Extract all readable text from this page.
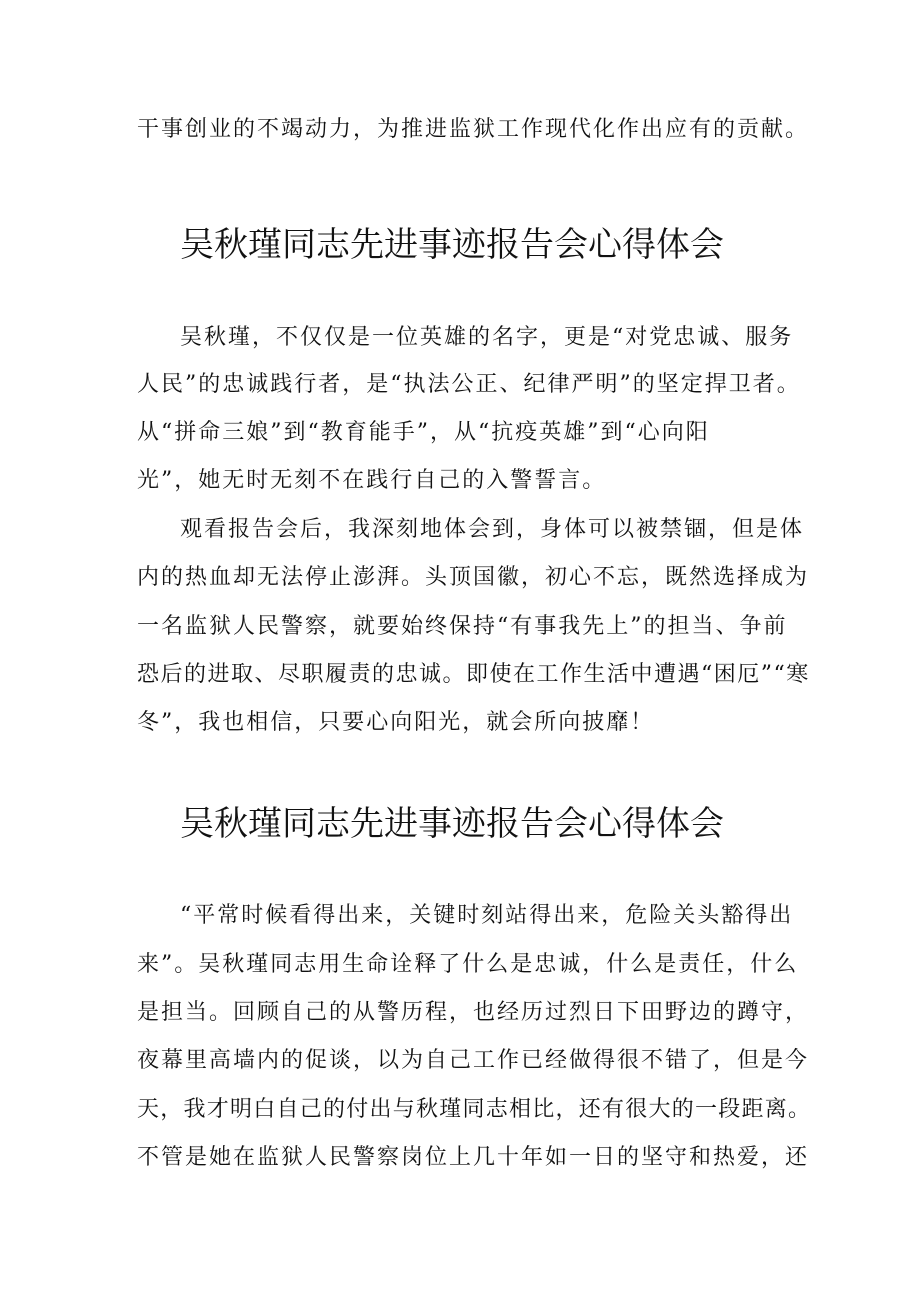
干事创业的不竭动力，为推进监狱工作现代化作出应有的贡献。

吴秋瑾同志先进事迹报告会心得体会

吴秋瑾，不仅仅是一位英雄的名字，更是“对党忠诚、服务

人民”的忠诚践行者，是“执法公正、纪律严明”的坚定捍卫者。

从“拼命三娘”到“教育能手”，从“抗疫英雄”到“心向阳

光”，她无时无刻不在践行自己的入警誓言。

观看报告会后，我深刻地体会到，身体可以被禁锢，但是体

内的热血却无法停止澎湃。头顶国徽，初心不忘，既然选择成为

一名监狱人民警察，就要始终保持“有事我先上”的担当、争前

恐后的进取、尽职履责的忠诚。即使在工作生活中遭遇“困厄”“寒

冬”，我也相信，只要心向阳光，就会所向披靡！

吴秋瑾同志先进事迹报告会心得体会

“平常时候看得出来，关键时刻站得出来，危险关头豁得出

来”。吴秋瑾同志用生命诠释了什么是忠诚，什么是责任，什么

是担当。回顾自己的从警历程，也经历过烈日下田野边的蹲守，

夜幕里高墙内的促谈，以为自己工作已经做得很不错了，但是今

天，我才明白自己的付出与秋瑾同志相比，还有很大的一段距离。

不管是她在监狱人民警察岗位上几十年如一日的坚守和热爱，还
